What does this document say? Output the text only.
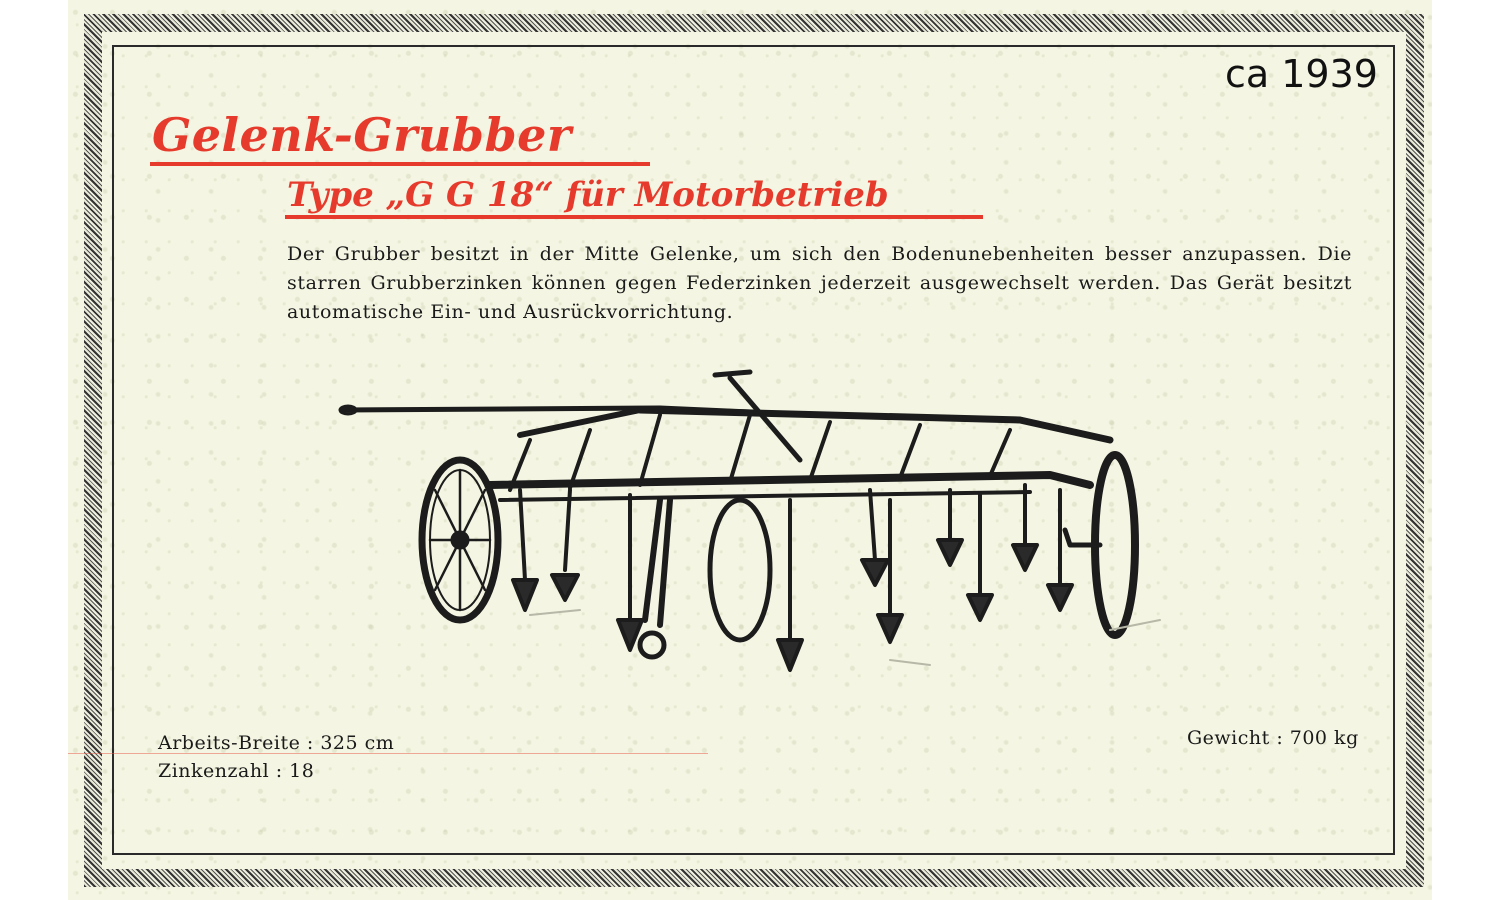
ca 1939
Gelenk-Grubber
Type „G G 18“ für Motorbetrieb
Der Grubber besitzt in der Mitte Gelenke, um sich den Bodenunebenheiten besser anzupassen. Die starren Grubberzinken können gegen Federzinken jederzeit ausgewechselt werden. Das Gerät besitzt automatische Ein- und Ausrückvorrichtung.
Arbeits-Breite : 325 cm
Zinkenzahl : 18
Gewicht : 700 kg
